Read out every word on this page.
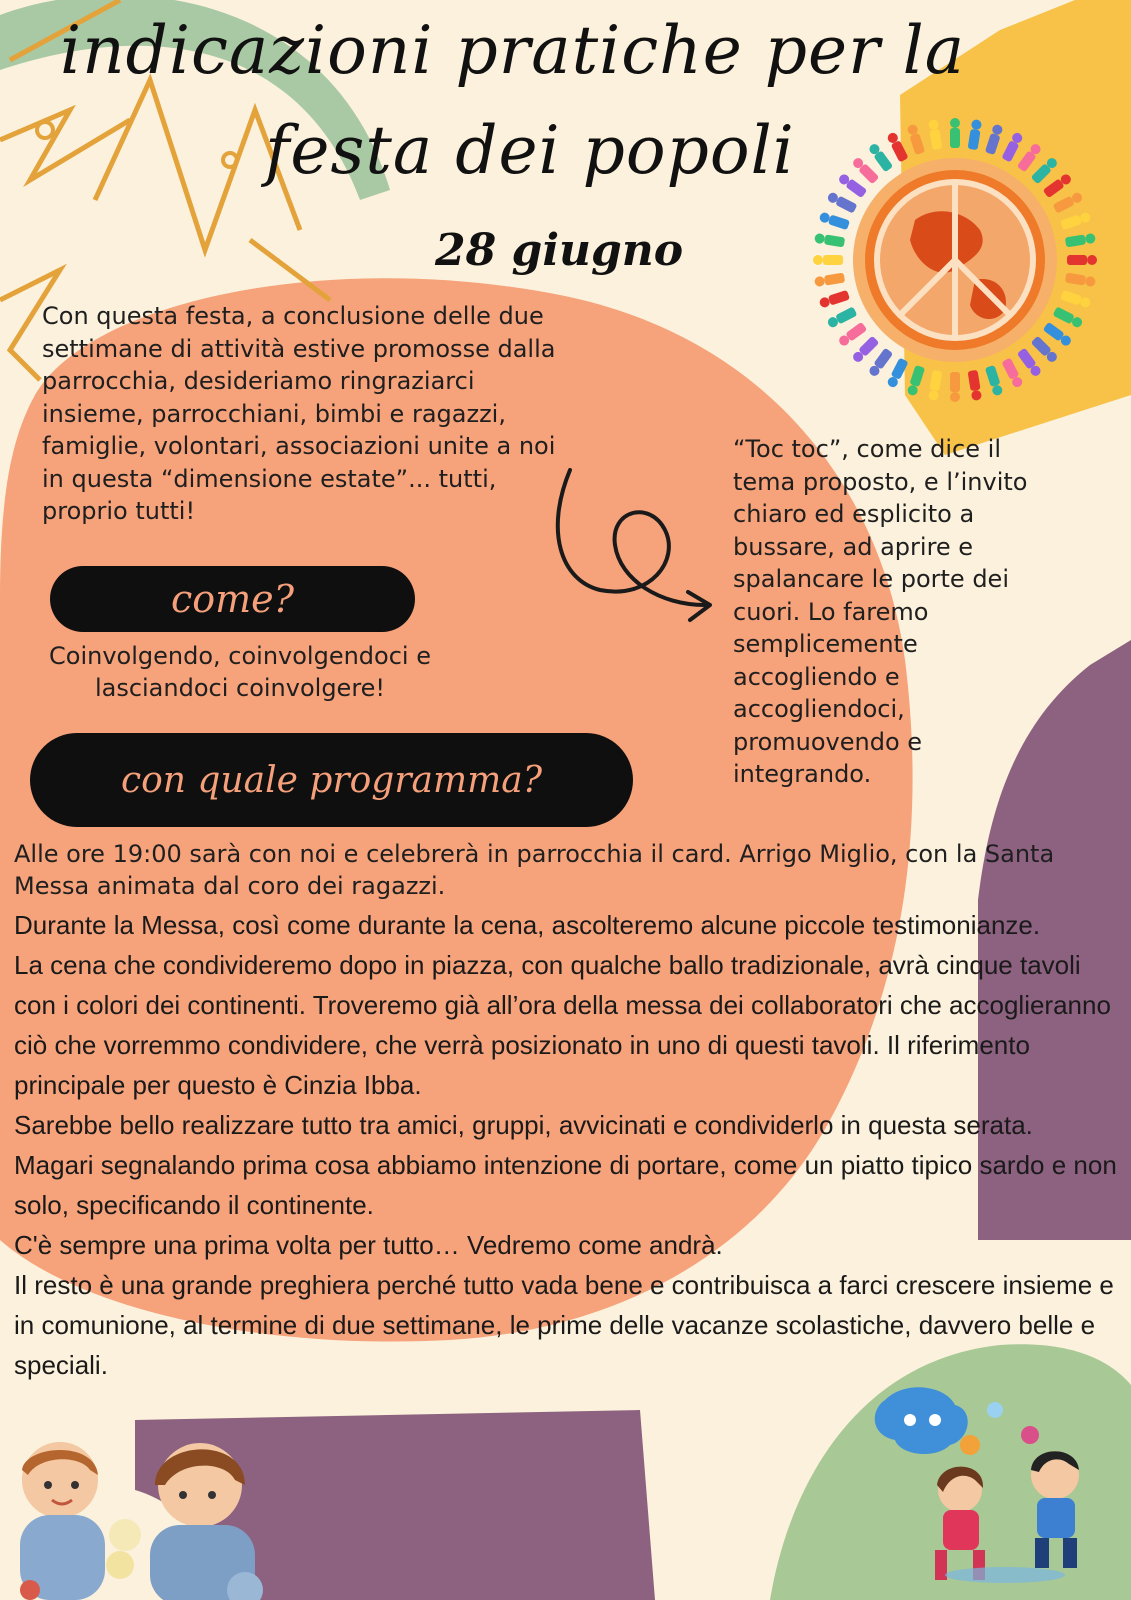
indicazioni pratiche per la
festa dei popoli
28 giugno
Con questa festa, a conclusione delle due settimane di attività estive promosse dalla parrocchia, desideriamo ringraziarci insieme, parrocchiani, bimbi e ragazzi, famiglie, volontari, associazioni unite a noi in questa “dimensione estate”... tutti, proprio tutti!
“Toc toc”, come dice il tema proposto, e l’invito chiaro ed esplicito a bussare, ad aprire e spalancare le porte dei cuori. Lo faremo semplicemente accogliendo e accogliendoci, promuovendo e integrando.
come?
Coinvolgendo, coinvolgendoci e
lasciandoci coinvolgere!
con quale programma?
Alle ore 19:00 sarà con noi e celebrerà in parrocchia il card. Arrigo Miglio, con la Santa Messa animata dal coro dei ragazzi.

Durante la Messa, così come durante la cena, ascolteremo alcune piccole testimonianze.

La cena che condivideremo dopo in piazza, con qualche ballo tradizionale, avrà cinque tavoli con i colori dei continenti. Troveremo già all’ora della messa dei collaboratori che accoglieranno ciò che vorremmo condividere, che verrà posizionato in uno di questi tavoli. Il riferimento principale per questo è Cinzia Ibba.

Sarebbe bello realizzare tutto tra amici, gruppi, avvicinati e condividerlo in questa serata. Magari segnalando prima cosa abbiamo intenzione di portare, come un piatto tipico sardo e non solo, specificando il continente.

C'è sempre una prima volta per tutto… Vedremo come andrà.

Il resto è una grande preghiera perché tutto vada bene e contribuisca a farci crescere insieme e in comunione, al termine di due settimane, le prime delle vacanze scolastiche, davvero belle e speciali.
